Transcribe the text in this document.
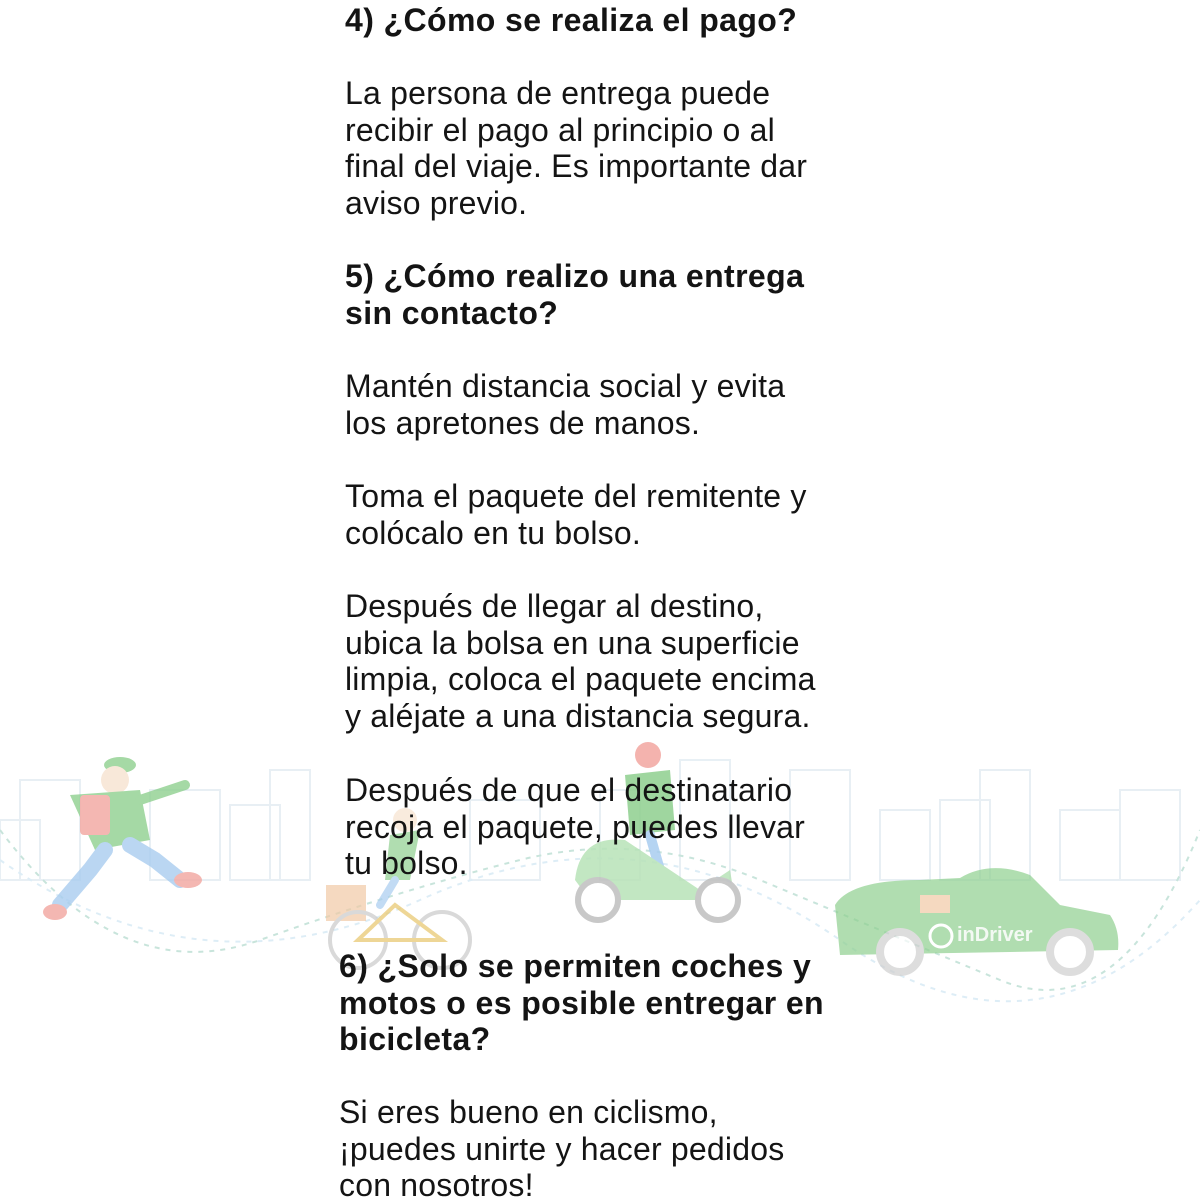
4) ¿Cómo se realiza el pago?

La persona de entrega puede
recibir el pago al principio o al
final del viaje. Es importante dar
aviso previo.

5) ¿Cómo realizo una entrega
sin contacto?

Mantén distancia social y evita
los apretones de manos.

Toma el paquete del remitente y
colócalo en tu bolso.

Después de llegar al destino,
ubica la bolsa en una superficie
limpia, coloca el paquete encima
y aléjate a una distancia segura.

Después de que el destinatario
recoja el paquete, puedes llevar
tu bolso.

inDriver
6) ¿Solo se permiten coches y
motos o es posible entregar en
bicicleta?

Si eres bueno en ciclismo,
¡puedes unirte y hacer pedidos
con nosotros!
